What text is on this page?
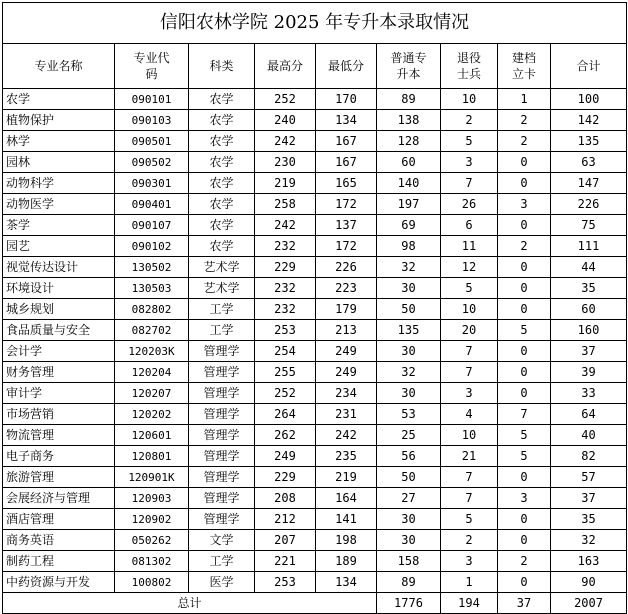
信阳农林学院 2025 年专升本录取情况								
专业名称	专业代码	科类	最高分	最低分	普通专升本	退役士兵	建档立卡	合计
农学	090101	农学	252	170	89	10	1	100
植物保护	090103	农学	240	134	138	2	2	142
林学	090501	农学	242	167	128	5	2	135
园林	090502	农学	230	167	60	3	0	63
动物科学	090301	农学	219	165	140	7	0	147
动物医学	090401	农学	258	172	197	26	3	226
茶学	090107	农学	242	137	69	6	0	75
园艺	090102	农学	232	172	98	11	2	111
视觉传达设计	130502	艺术学	229	226	32	12	0	44
环境设计	130503	艺术学	232	223	30	5	0	35
城乡规划	082802	工学	232	179	50	10	0	60
食品质量与安全	082702	工学	253	213	135	20	5	160
会计学	120203K	管理学	254	249	30	7	0	37
财务管理	120204	管理学	255	249	32	7	0	39
审计学	120207	管理学	252	234	30	3	0	33
市场营销	120202	管理学	264	231	53	4	7	64
物流管理	120601	管理学	262	242	25	10	5	40
电子商务	120801	管理学	249	235	56	21	5	82
旅游管理	120901K	管理学	229	219	50	7	0	57
会展经济与管理	120903	管理学	208	164	27	7	3	37
酒店管理	120902	管理学	212	141	30	5	0	35
商务英语	050262	文学	207	198	30	2	0	32
制药工程	081302	工学	221	189	158	3	2	163
中药资源与开发	100802	医学	253	134	89	1	0	90
总计					1776	194	37	2007
